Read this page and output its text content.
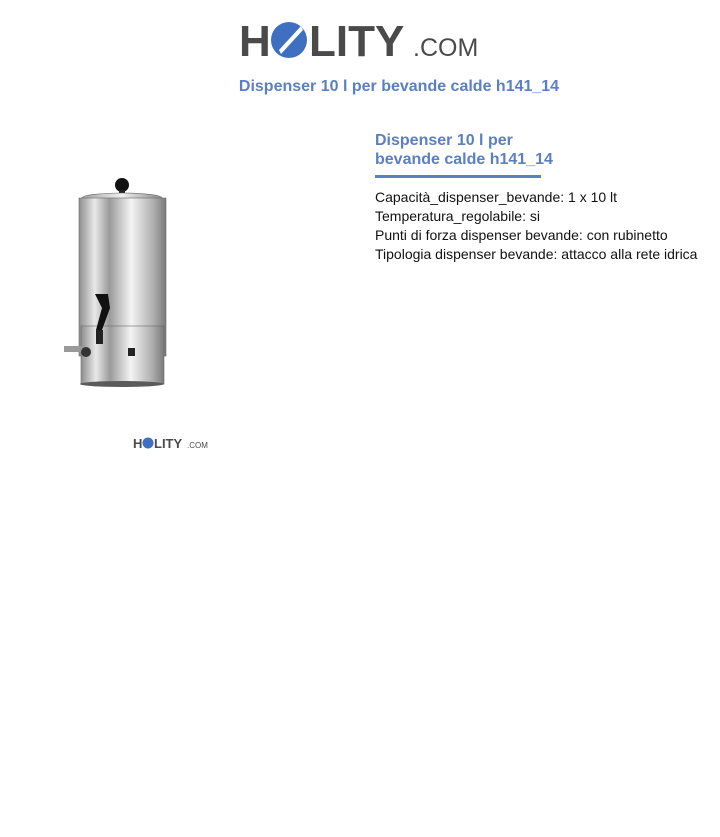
H LITY .COM
Dispenser 10 l per bevande calde h141_14
H LITY .COM
Dispenser 10 l per bevande calde h141_14
Capacità_dispenser_bevande: 1 x 10 lt
Temperatura_regolabile: si
Punti di forza dispenser bevande: con rubinetto
Tipologia dispenser bevande: attacco alla rete idrica
